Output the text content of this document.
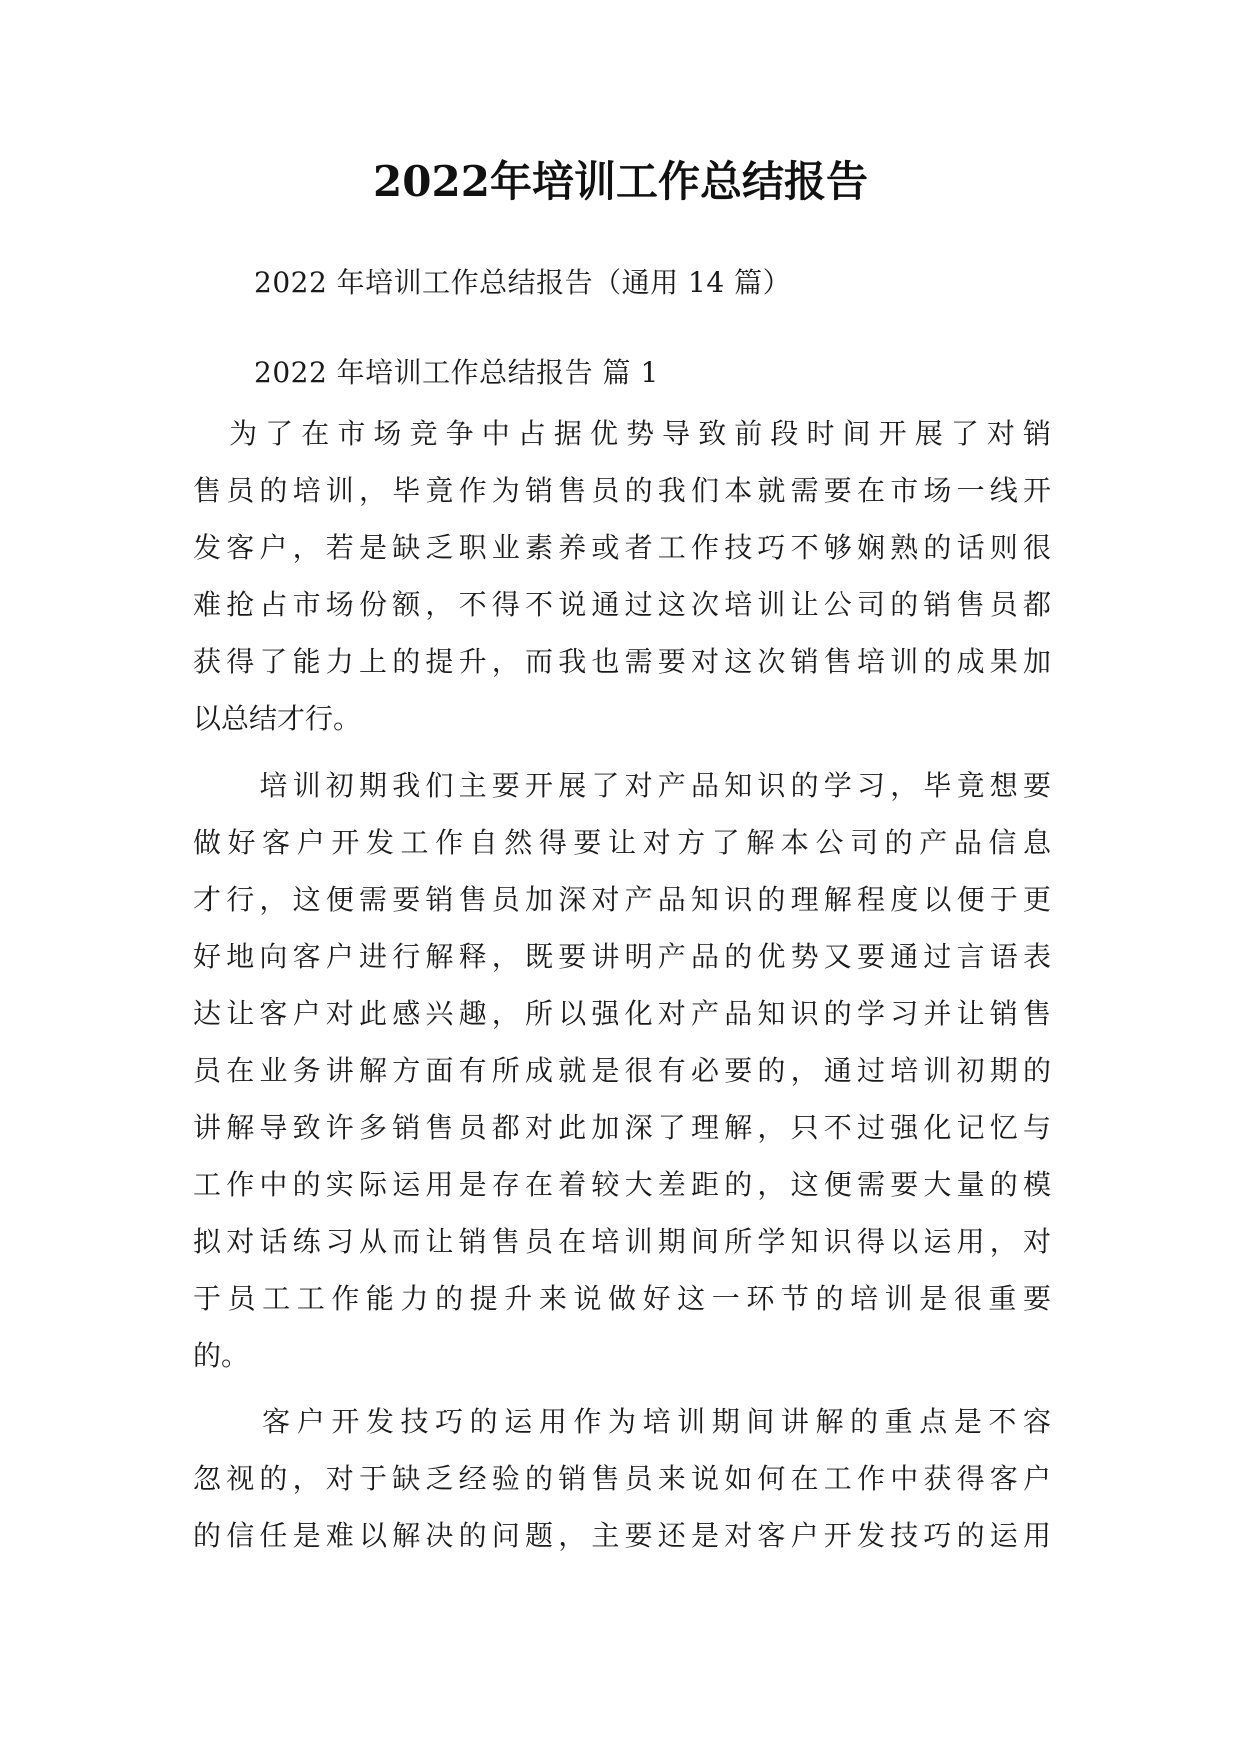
2022年培训工作总结报告
2022 年培训工作总结报告（通用 14 篇）
2022 年培训工作总结报告 篇 1
　为了在市场竞争中占据优势导致前段时间开展了对销
售员的培训，毕竟作为销售员的我们本就需要在市场一线开
发客户，若是缺乏职业素养或者工作技巧不够娴熟的话则很
难抢占市场份额，不得不说通过这次培训让公司的销售员都
获得了能力上的提升，而我也需要对这次销售培训的成果加
以总结才行。
　　培训初期我们主要开展了对产品知识的学习，毕竟想要
做好客户开发工作自然得要让对方了解本公司的产品信息
才行，这便需要销售员加深对产品知识的理解程度以便于更
好地向客户进行解释，既要讲明产品的优势又要通过言语表
达让客户对此感兴趣，所以强化对产品知识的学习并让销售
员在业务讲解方面有所成就是很有必要的，通过培训初期的
讲解导致许多销售员都对此加深了理解，只不过强化记忆与
工作中的实际运用是存在着较大差距的，这便需要大量的模
拟对话练习从而让销售员在培训期间所学知识得以运用，对
于员工工作能力的提升来说做好这一环节的培训是很重要
的。
　　客户开发技巧的运用作为培训期间讲解的重点是不容
忽视的，对于缺乏经验的销售员来说如何在工作中获得客户
的信任是难以解决的问题，主要还是对客户开发技巧的运用
